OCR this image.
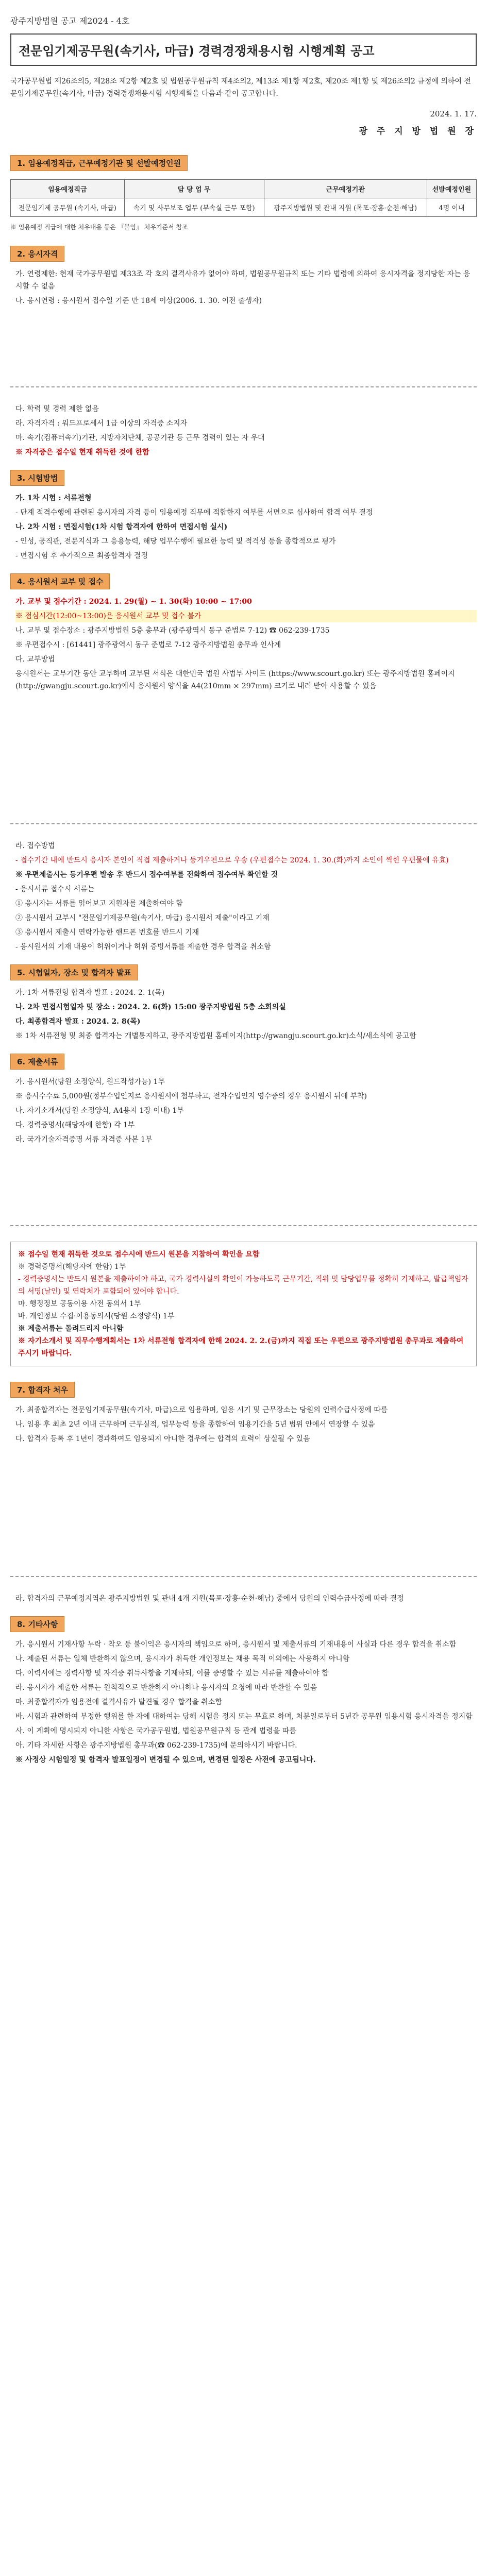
광주지방법원 공고 제2024 - 4호
전문임기제공무원(속기사, 마급) 경력경쟁채용시험 시행계획 공고

국가공무원법 제26조의5, 제28조 제2항 제2호 및 법원공무원규칙 제4조의2, 제13조 제1항 제2호, 제20조 제1항 및 제26조의2 규정에 의하여 전문임기제공무원(속기사, 마급) 경력경쟁채용시험 시행계획을 다음과 같이 공고합니다.

2024. 1. 17.
광 주 지 방 법 원 장
1. 임용예정직급, 근무예정기관 및 선발예정인원
임용예정직급	담 당 업 무	근무예정기관	선발예정인원
전문임기제 공무원 (속기사, 마급)	속기 및 사무보조 업무 (부속실 근무 포함)	광주지방법원 및 관내 지원 (목포·장흥·순천·해남)	4명 이내

※ 임용예정 직급에 대한 처우내용 등은 『붙임』 처우기준서 참조

2. 응시자격
가. 연령제한: 현재 국가공무원법 제33조 각 호의 결격사유가 없어야 하며, 법원공무원규칙 또는 기타 법령에 의하여 응시자격을 정지당한 자는 응시할 수 없음
나. 응시연령 : 응시원서 접수일 기준 만 18세 이상(2006. 1. 30. 이전 출생자)
다. 학력 및 경력 제한 없음
라. 자격자격 : 워드프로세서 1급 이상의 자격증 소지자
마. 속기(컴퓨터속기)기관, 지방자치단체, 공공기관 등 근무 경력이 있는 자 우대
※ 자격증은 접수일 현재 취득한 것에 한함
3. 시험방법
가. 1차 시험 : 서류전형
- 단계 적격수행에 관련된 응시자의 자격 등이 임용예정 직무에 적합한지 여부를 서면으로 심사하여 합격 여부 결정
나. 2차 시험 : 면접시험(1차 시험 합격자에 한하여 면접시험 실시)
- 인성, 공직관, 전문지식과 그 응용능력, 해당 업무수행에 필요한 능력 및 적격성 등을 종합적으로 평가
- 면접시험 후 추가적으로 최종합격자 결정
4. 응시원서 교부 및 접수
가. 교부 및 접수기간 : 2024. 1. 29(월) ~ 1. 30(화) 10:00 ~ 17:00
※ 점심시간(12:00~13:00)은 응시원서 교부 및 접수 불가
나. 교부 및 접수장소 : 광주지방법원 5층 총무과 (광주광역시 동구 준법로 7-12) ☎ 062-239-1735
※ 우편접수시 : [61441] 광주광역시 동구 준법로 7-12 광주지방법원 총무과 인사계
다. 교부방법
응시원서는 교부기간 동안 교부하며 교부된 서식은 대한민국 법원 사법부 사이트 (https://www.scourt.go.kr) 또는 광주지방법원 홈페이지(http://gwangju.scourt.go.kr)에서 응시원서 양식을 A4(210mm × 297mm) 크기로 내려 받아 사용할 수 있음
라. 접수방법
- 접수기간 내에 반드시 응시자 본인이 직접 제출하거나 등기우편으로 우송 (우편접수는 2024. 1. 30.(화)까지 소인이 찍힌 우편물에 유효)
※ 우편제출시는 등기우편 발송 후 반드시 접수여부를 전화하여 접수여부 확인할 것
- 응시서류 접수시 서류는
① 응시자는 서류를 읽어보고 지원자를 제출하여야 함
② 응시원서 교부시 "전문임기제공무원(속기사, 마급) 응시원서 제출"이라고 기재
③ 응시원서 제출시 연락가능한 핸드폰 번호를 반드시 기재
- 응시원서의 기재 내용이 허위이거나 허위 증빙서류를 제출한 경우 합격을 취소함
5. 시험일자, 장소 및 합격자 발표
가. 1차 서류전형 합격자 발표 : 2024. 2. 1(목)
나. 2차 면접시험일자 및 장소 : 2024. 2. 6(화) 15:00 광주지방법원 5층 소회의실
다. 최종합격자 발표 : 2024. 2. 8(목)
※ 1차 서류전형 및 최종 합격자는 개별통지하고, 광주지방법원 홈페이지(http://gwangju.scourt.go.kr)소식/새소식에 공고함
6. 제출서류
가. 응시원서(당원 소정양식, 원드작성가능) 1부
※ 응시수수료 5,000원(정부수입인지로 응시원서에 첨부하고, 전자수입인지 영수증의 경우 응시원서 뒤에 부착)
나. 자기소개서(당원 소정양식, A4용지 1장 이내) 1부
다. 경력증명서(해당자에 한함) 각 1부
라. 국가기술자격증명 서류 자격증 사본 1부
※ 접수일 현재 취득한 것으로 접수시에 반드시 원본을 지참하여 확인을 요함
※ 경력증명서(해당자에 한함) 1부
- 경력증명서는 반드시 원본을 제출하여야 하고, 국가 경력사실의 확인이 가능하도록 근무기간, 직위 및 담당업무를 정확히 기재하고, 발급책임자의 서명(날인) 및 연락처가 포함되어 있어야 합니다.
마. 행정정보 공동이용 사전 동의서 1부
바. 개인정보 수집·이용동의서(당원 소정양식) 1부
※ 제출서류는 돌려드리지 아니함
※ 자기소개서 및 직무수행계획서는 1차 서류전형 합격자에 한해 2024. 2. 2.(금)까지 직접 또는 우편으로 광주지방법원 총무과로 제출하여 주시기 바랍니다.
7. 합격자 처우
가. 최종합격자는 전문임기제공무원(속기사, 마급)으로 임용하며, 임용 시기 및 근무장소는 당원의 인력수급사정에 따름
나. 임용 후 최초 2년 이내 근무하며 근무실적, 업무능력 등을 종합하여 임용기간을 5년 범위 안에서 연장할 수 있음
다. 합격자 등록 후 1년이 경과하여도 임용되지 아니한 경우에는 합격의 효력이 상실될 수 있음
라. 합격자의 근무예정지역은 광주지방법원 및 관내 4개 지원(목포·장흥·순천·해남) 중에서 당원의 인력수급사정에 따라 결정
8. 기타사항
가. 응시원서 기재사항 누락 · 착오 등 불이익은 응시자의 책임으로 하며, 응시원서 및 제출서류의 기재내용이 사실과 다른 경우 합격을 취소함
나. 제출된 서류는 일체 반환하지 않으며, 응시자가 취득한 개인정보는 채용 목적 이외에는 사용하지 아니함
다. 이력서에는 경력사항 및 자격증 취득사항을 기재하되, 이를 증명할 수 있는 서류를 제출하여야 함
라. 응시자가 제출한 서류는 원칙적으로 반환하지 아니하나 응시자의 요청에 따라 반환할 수 있음
마. 최종합격자가 임용전에 결격사유가 발견될 경우 합격을 취소함
바. 시험과 관련하여 부정한 행위를 한 자에 대하여는 당해 시험을 정지 또는 무효로 하며, 처분일로부터 5년간 공무원 임용시험 응시자격을 정지함
사. 이 계획에 명시되지 아니한 사항은 국가공무원법, 법원공무원규칙 등 관계 법령을 따름
아. 기타 자세한 사항은 광주지방법원 총무과(☎ 062-239-1735)에 문의하시기 바랍니다.
※ 사정상 시험일정 및 합격자 발표일정이 변경될 수 있으며, 변경된 일정은 사전에 공고됩니다.
